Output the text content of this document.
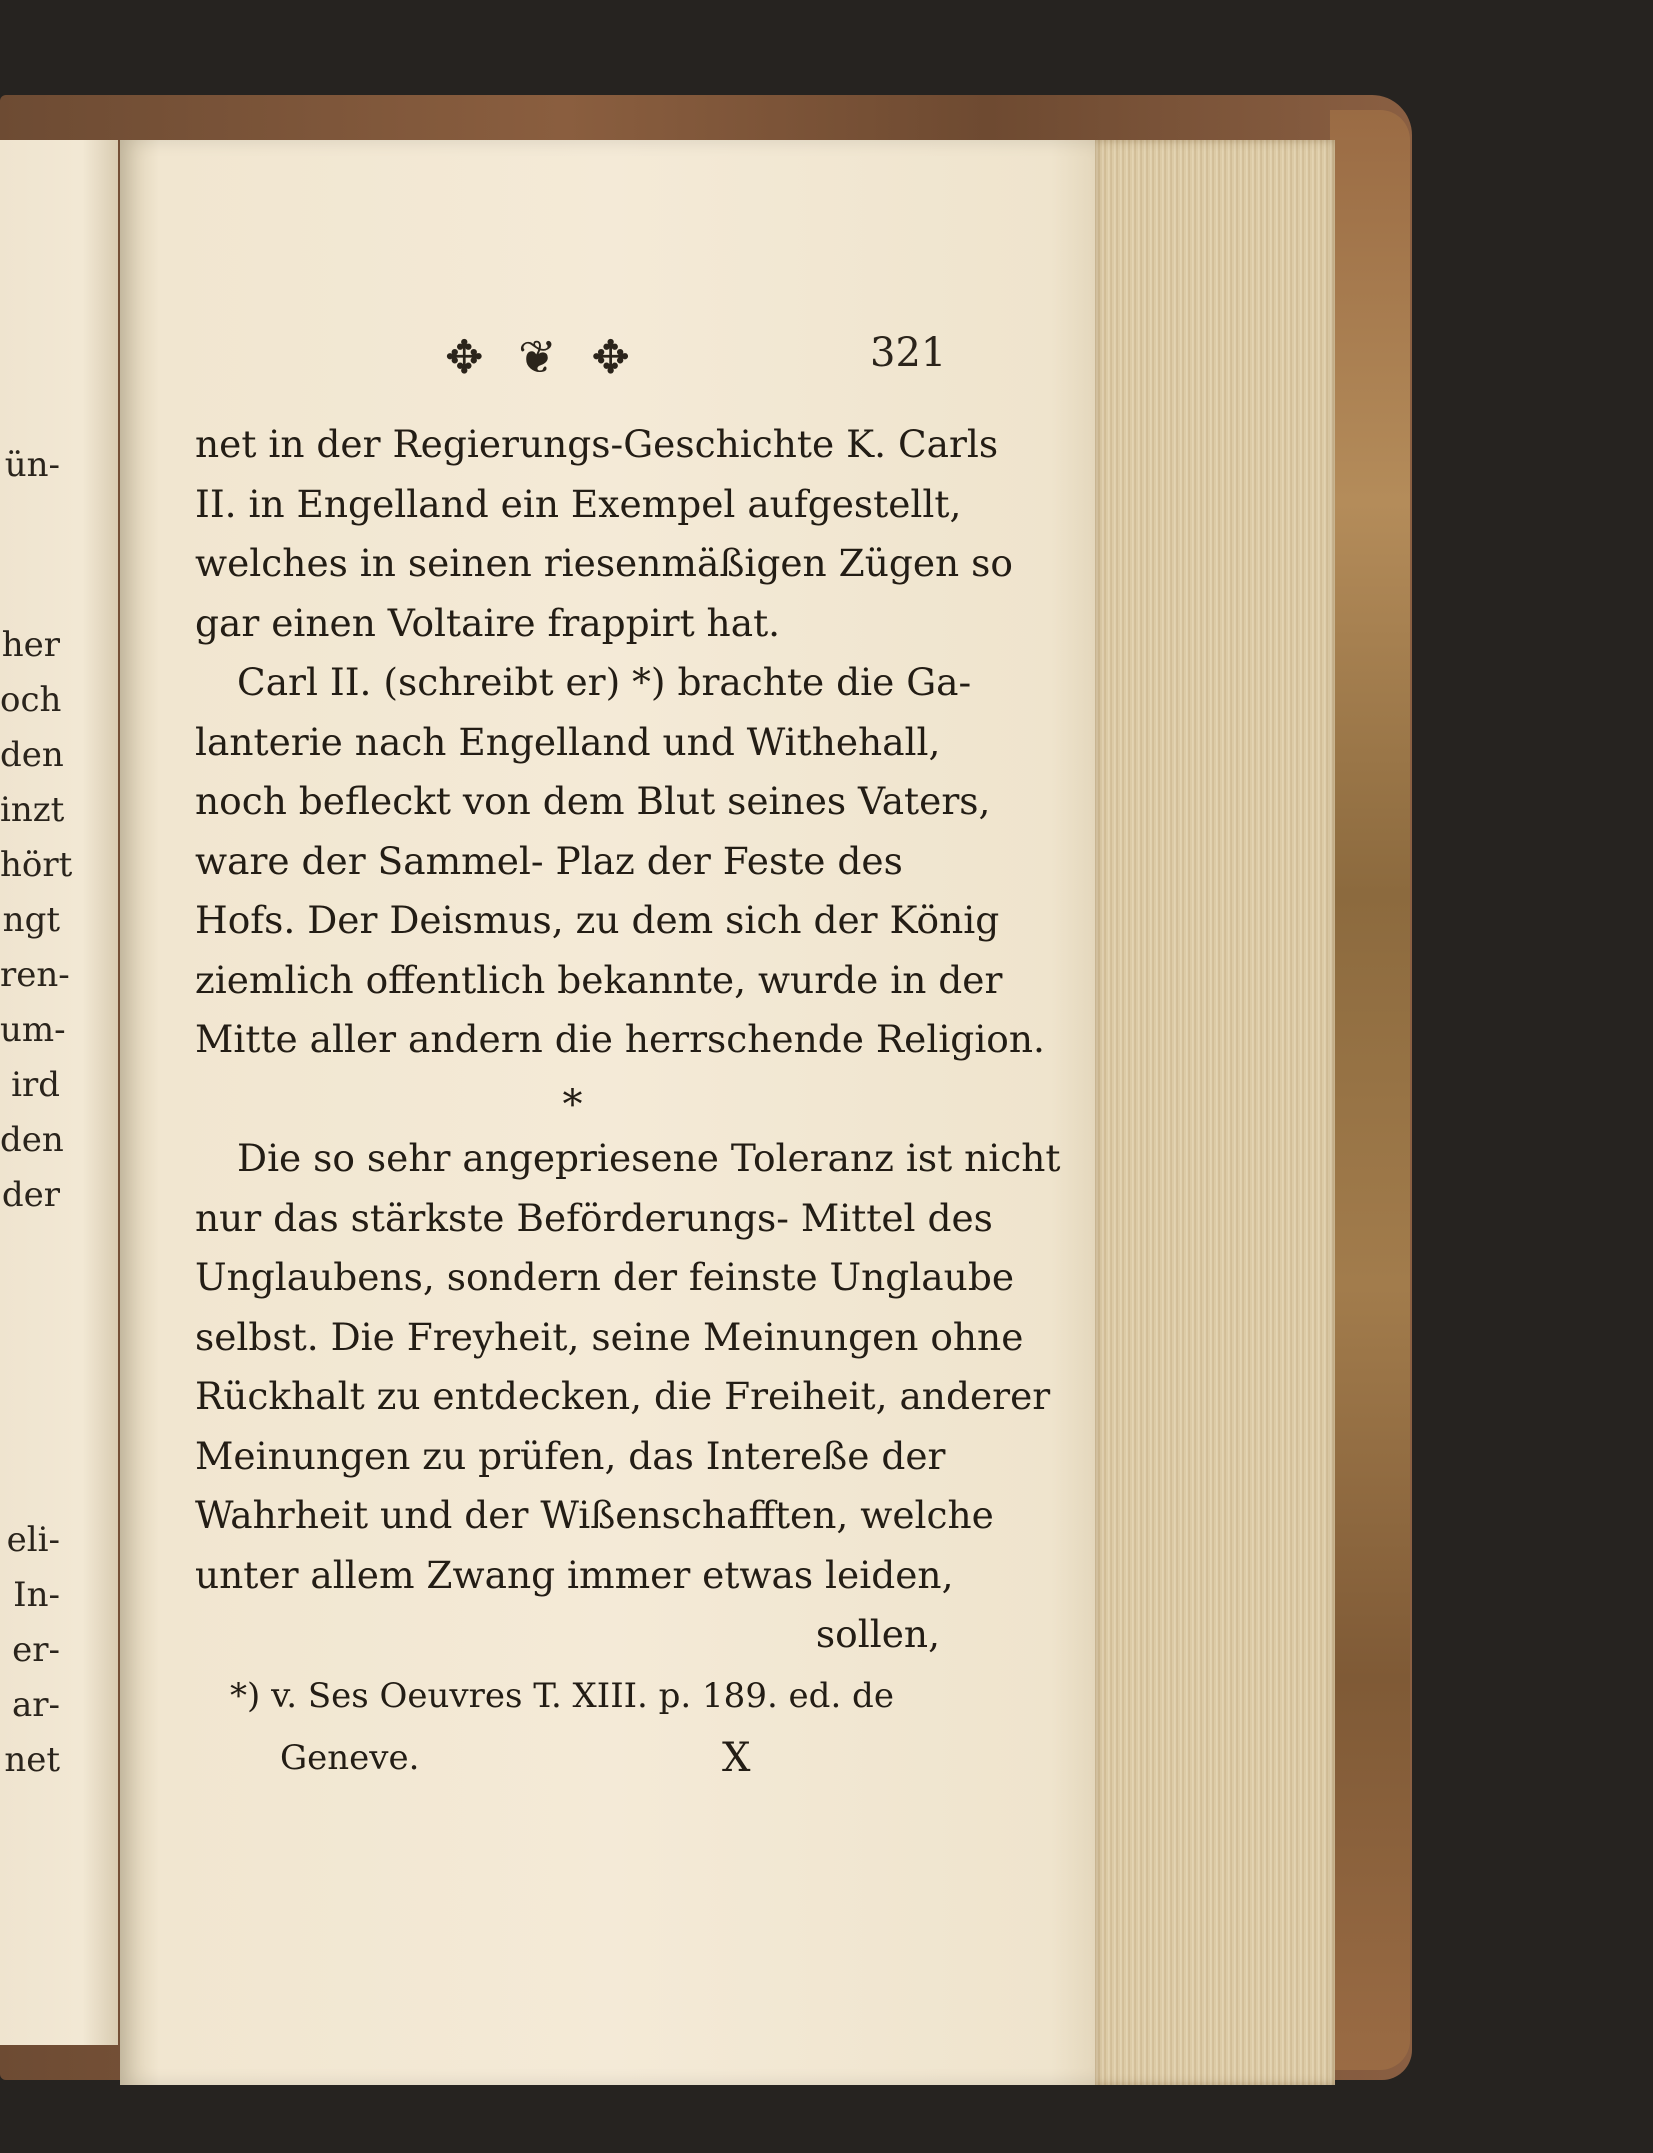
ün-
her
och
den
inzt
hört
ngt
ren-
um-
ird
den
der
eli-
In-
er-
ar-
net
✥ ❦ ✥	321
net in der Regierungs-Geschichte K. Carls
II. in Engelland ein Exempel aufgestellt,
welches in seinen riesenmäßigen Zügen so
gar einen Voltaire frappirt hat.
Carl II. (schreibt er) *) brachte die Ga-
lanterie nach Engelland und Withehall,
noch befleckt von dem Blut seines Vaters,
ware der Sammel- Plaz der Feste des
Hofs. Der Deismus, zu dem sich der König
ziemlich offentlich bekannte, wurde in der
Mitte aller andern die herrschende Religion.
*
Die so sehr angepriesene Toleranz ist nicht
nur das stärkste Beförderungs- Mittel des
Unglaubens, sondern der feinste Unglaube
selbst. Die Freyheit, seine Meinungen ohne
Rückhalt zu entdecken, die Freiheit, anderer
Meinungen zu prüfen, das Intereße der
Wahrheit und der Wißenschafften, welche
unter allem Zwang immer etwas leiden,
sollen,
*) v. Ses Oeuvres T. XIII. p. 189. ed. de
Geneve.	X
